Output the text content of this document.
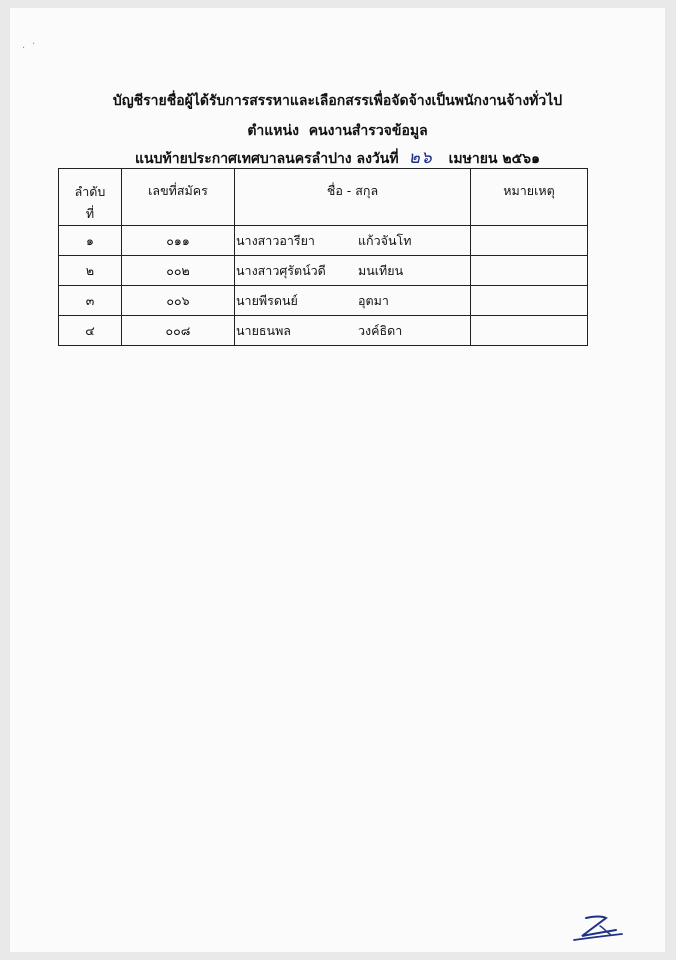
· ·
บัญชีรายชื่อผู้ได้รับการสรรหาและเลือกสรรเพื่อจัดจ้างเป็นพนักงานจ้างทั่วไป
ตำแหน่ง คนงานสำรวจข้อมูล
แนบท้ายประกาศเทศบาลนครลำปาง ลงวันที่ ๒๖ เมษายน ๒๕๖๑
ลำดับ
ที่	เลขที่สมัคร	ชื่อ - สกุล	หมายเหตุ
๑	๐๑๑	นางสาวอารียา แก้วจันโท	
๒	๐๐๒	นางสาวศุรัตน์วดี มนเทียน	
๓	๐๐๖	นายพีรดนย์ อุตมา	
๔	๐๐๘	นายธนพล วงค์ธิดา	
